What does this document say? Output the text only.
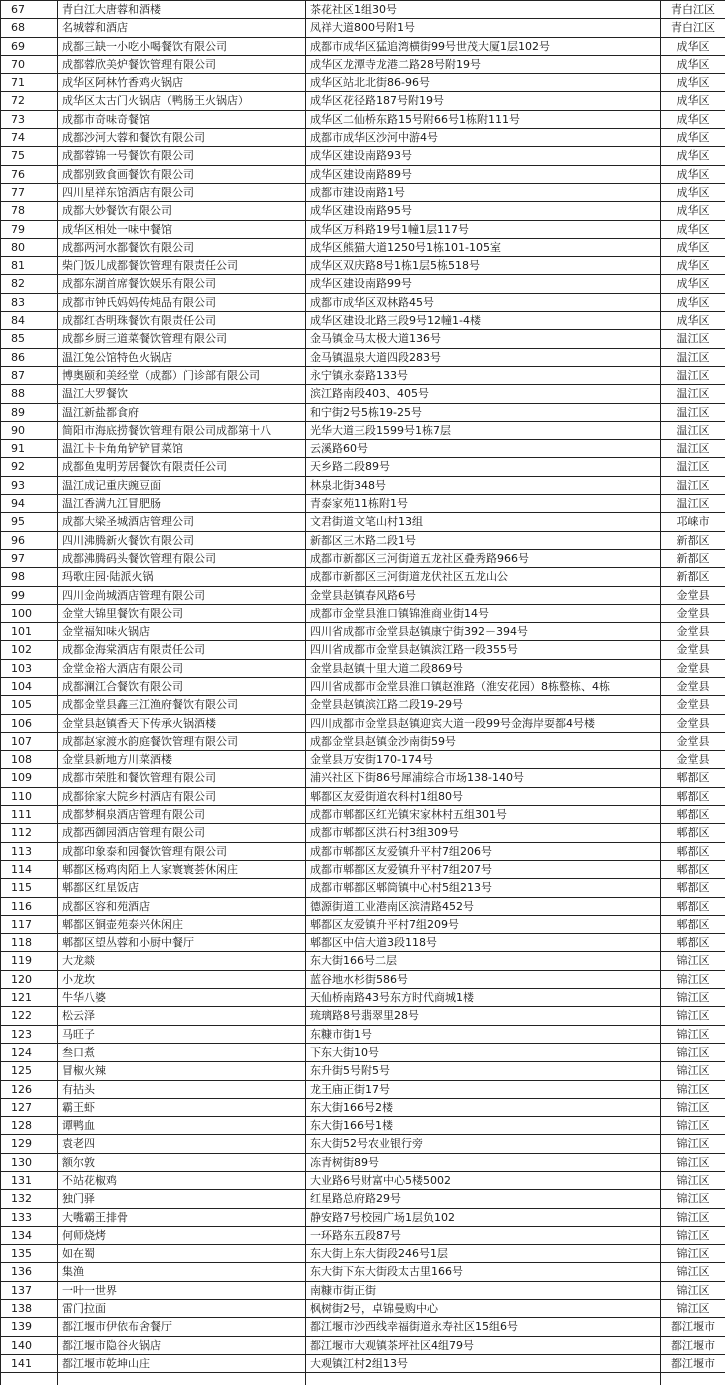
67	青白江大唐蓉和酒楼	茶花社区1组30号	青白江区
68	名城蓉和酒店	凤祥大道800号附1号	青白江区
69	成都三缺一小吃小喝餐饮有限公司	成都市成华区猛追湾横街99号世茂大厦1层102号	成华区
70	成都蓉欣美炉餐饮管理有限公司	成华区龙潭寺龙港二路28号附19号	成华区
71	成华区阿林竹香鸡火锅店	成华区站北北街86-96号	成华区
72	成华区太古门火锅店（鸭肠王火锅店）	成华区花径路187号附19号	成华区
73	成都市奇味奇餐馆	成华区二仙桥东路15号附66号1栋附111号	成华区
74	成都沙河大蓉和餐饮有限公司	成都市成华区沙河中游4号	成华区
75	成都蓉锦一号餐饮有限公司	成华区建设南路93号	成华区
76	成都别致食画餐饮有限公司	成华区建设南路89号	成华区
77	四川星祥东馆酒店有限公司	成都市建设南路1号	成华区
78	成都大妙餐饮有限公司	成华区建设南路95号	成华区
79	成华区相处一味中餐馆	成华区万科路19号1幢1层117号	成华区
80	成都两河水都餐饮有限公司	成华区熊猫大道1250号1栋101-105室	成华区
81	柴门饭儿成都餐饮管理有限责任公司	成华区双庆路8号1栋1层5栋518号	成华区
82	成都东湖首席餐饮娱乐有限公司	成华区建设南路99号	成华区
83	成都市钟氏妈妈传炖品有限公司	成都市成华区双林路45号	成华区
84	成都红杏明珠餐饮有限责任公司	成华区建设北路三段9号12幢1-4楼	成华区
85	成都乡厨三道菜餐饮管理有限公司	金马镇金马太极大道136号	温江区
86	温江兔公馆特色火锅店	金马镇温泉大道四段283号	温江区
87	博奥颐和美经堂（成都）门诊部有限公司	永宁镇永泰路133号	温江区
88	温江大罗餐饮	滨江路南段403、405号	温江区
89	温江新盐都食府	和宁街2号5栋19-25号	温江区
90	简阳市海底捞餐饮管理有限公司成都第十八	光华大道三段1599号1栋7层	温江区
91	温江卡卡角角铲铲冒菜馆	云溪路60号	温江区
92	成都鱼鬼明芳居餐饮有限责任公司	天乡路二段89号	温江区
93	温江成记重庆豌豆面	林泉北街348号	温江区
94	温江香满九江冒肥肠	青泰家苑11栋附1号	温江区
95	成都大梁圣城酒店管理公司	文君街道文笔山村13组	邛崃市
96	四川沸腾新火餐饮有限公司	新都区三木路二段1号	新都区
97	成都沸腾码头餐饮管理有限公司	成都市新都区三河街道五龙社区叠秀路966号	新都区
98	玛歌庄园·陆派火锅	成都市新都区三河街道龙伏社区五龙山公	新都区
99	四川金尚城酒店管理有限公司	金堂县赵镇春风路6号	金堂县
100	金堂大锦里餐饮有限公司	成都市金堂县淮口镇锦淮商业街14号	金堂县
101	金堂福知味火锅店	四川省成都市金堂县赵镇康宁街392－394号	金堂县
102	成都金海棠酒店有限责任公司	四川省成都市金堂县赵镇滨江路一段355号	金堂县
103	金堂金裕大酒店有限公司	金堂县赵镇十里大道二段869号	金堂县
104	成都澜江合餐饮有限公司	四川省成都市金堂县淮口镇赵淮路（淮安花园）8栋整栋、4栋	金堂县
105	成都金堂县鑫三江渔府餐饮有限公司	金堂县赵镇滨江路二段19-29号	金堂县
106	金堂县赵镇香天下传承火锅酒楼	四川成都市金堂县赵镇迎宾大道一段99号金海岸耍都4号楼	金堂县
107	成都赵家渡水韵庭餐饮管理有限公司	成都金堂县赵镇金沙南街59号	金堂县
108	金堂县新地方川菜酒楼	金堂县万安街170-174号	金堂县
109	成都市荣胜和餐饮管理有限公司	浦兴社区下街86号犀浦综合市场138-140号	郫都区
110	成都徐家大院乡村酒店有限公司	郫都区友爱街道农科村1组80号	郫都区
111	成都梦桐泉酒店管理有限公司	成都市郫都区红光镇宋家林村五组301号	郫都区
112	成都西御园酒店管理有限公司	成都市郫都区洪石村3组309号	郫都区
113	成都印象泰和园餐饮管理有限公司	成都市郫都区友爱镇升平村7组206号	郫都区
114	郫都区杨鸡肉陌上人家寰寰荟休闲庄	成都市郫都区友爱镇升平村7组207号	郫都区
115	郫都区红星饭店	成都市郫都区郫筒镇中心村5组213号	郫都区
116	成都区容和苑酒店	德源街道工业港南区滨清路452号	郫都区
117	郫都区铜壶苑泰兴休闲庄	郫都区友爱镇升平村7组209号	郫都区
118	郫都区望丛蓉和小厨中餐厅	郫都区中信大道3段118号	郫都区
119	大龙燚	东大街166号二层	锦江区
120	小龙坎	蓝谷地水杉街586号	锦江区
121	牛华八婆	天仙桥南路43号东方时代商城1楼	锦江区
122	松云泽	琉璃路8号翡翠里28号	锦江区
123	马旺子	东糠市街1号	锦江区
124	叁口煮	下东大街10号	锦江区
125	冒椒火辣	东升街5号附5号	锦江区
126	有拈头	龙王庙正街17号	锦江区
127	霸王虾	东大街166号2楼	锦江区
128	谭鸭血	东大街166号1楼	锦江区
129	袁老四	东大街52号农业银行旁	锦江区
130	额尔敦	冻青树街89号	锦江区
131	不站花椒鸡	大业路6号财富中心5楼5002	锦江区
132	独门驿	红星路总府路29号	锦江区
133	大嘴霸王排骨	静安路7号校园广场1层负102	锦江区
134	何师烧烤	一环路东五段87号	锦江区
135	如在蜀	东大街上东大街段246号1层	锦江区
136	集渔	东大街下东大街段太古里166号	锦江区
137	一叶一世界	南糠市街正街	锦江区
138	雷门拉面	枫树街2号，卓锦曼购中心	锦江区
139	都江堰市伊依布舍餐厅	都江堰市沙西线幸福街道永寿社区15组6号	都江堰市
140	都江堰市隐谷火锅店	都江堰市大观镇茶坪社区4组79号	都江堰市
141	都江堰市乾坤山庄	大观镇江村2组13号	都江堰市
